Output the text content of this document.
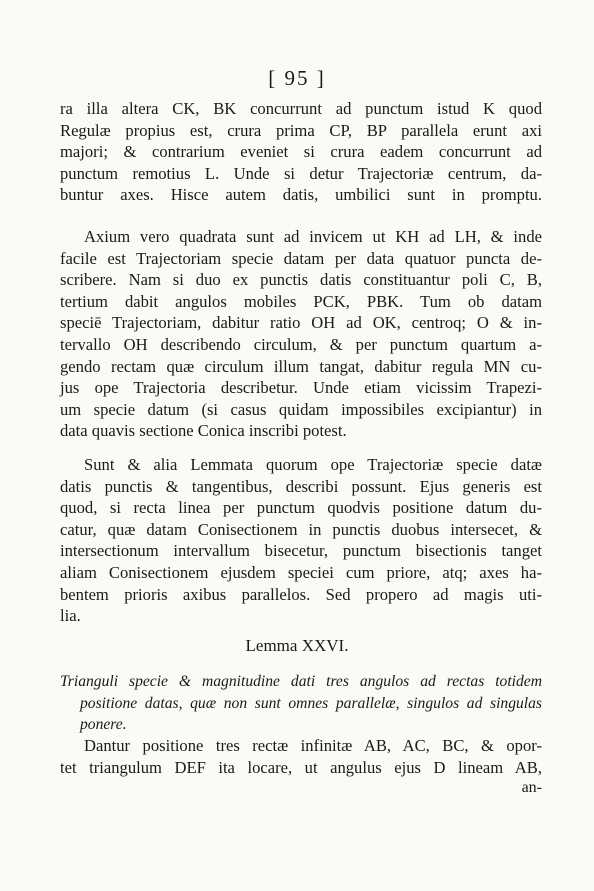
[ 95 ]
ra illa altera CK, BK concurrunt ad punctum istud K quod
Regulæ propius est, crura prima CP, BP parallela erunt axi
majori; & contrarium eveniet si crura eadem concurrunt ad
punctum remotius L. Unde si detur Trajectoriæ centrum, da-
buntur axes. Hisce autem datis, umbilici sunt in promptu.
Axium vero quadrata sunt ad invicem ut KH ad LH, & inde
facile est Trajectoriam specie datam per data quatuor puncta de-
scribere. Nam si duo ex punctis datis constituantur poli C, B,
tertium dabit angulos mobiles PCK, PBK. Tum ob datam
speciē Trajectoriam, dabitur ratio OH ad OK, centroq; O & in-
tervallo OH describendo circulum, & per punctum quartum a-
gendo rectam quæ circulum illum tangat, dabitur regula MN cu-
jus ope Trajectoria describetur. Unde etiam vicissim Trapezi-
um specie datum (si casus quidam impossibiles excipiantur) in
data quavis sectione Conica inscribi potest.
Sunt & alia Lemmata quorum ope Trajectoriæ specie datæ
datis punctis & tangentibus, describi possunt. Ejus generis est
quod, si recta linea per punctum quodvis positione datum du-
catur, quæ datam Conisectionem in punctis duobus intersecet, &
intersectionum intervallum bisecetur, punctum bisectionis tanget
aliam Conisectionem ejusdem speciei cum priore, atq; axes ha-
bentem prioris axibus parallelos. Sed propero ad magis uti-
lia.
Lemma XXVI.
Trianguli specie & magnitudine dati tres angulos ad rectas totidem
positione datas, quæ non sunt omnes parallelæ, singulos ad singulas
ponere.
Dantur positione tres rectæ infinitæ AB, AC, BC, & opor-
tet triangulum DEF ita locare, ut angulus ejus D lineam AB,
an-
